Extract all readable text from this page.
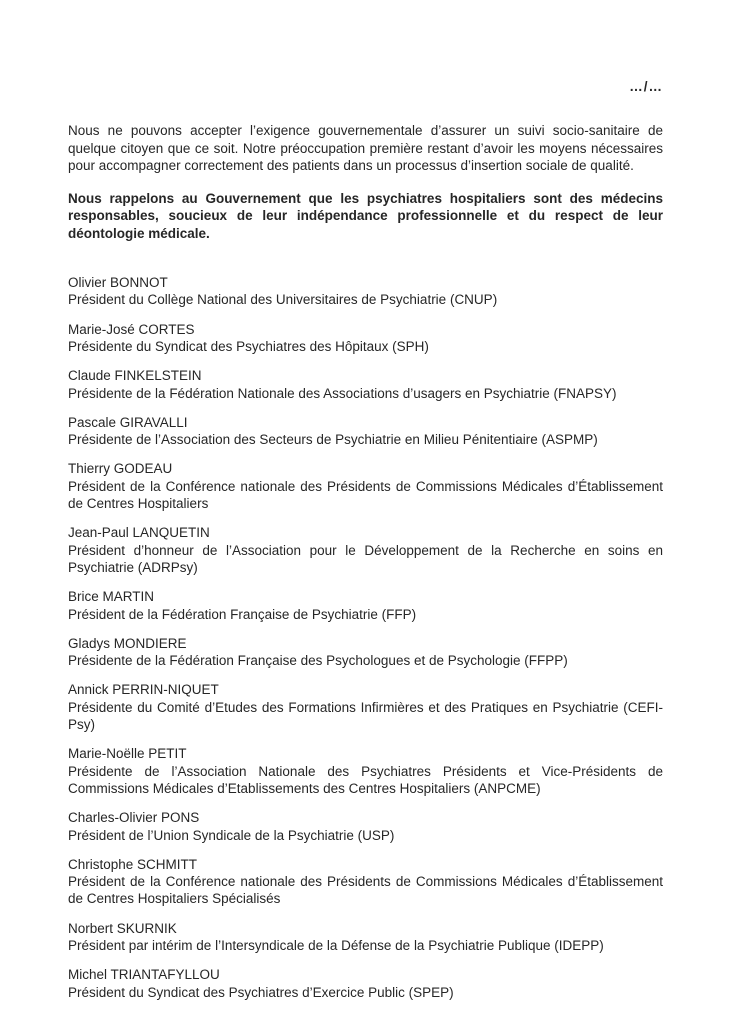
…/…

Nous ne pouvons accepter l’exigence gouvernementale d’assurer un suivi socio-sanitaire de quelque citoyen que ce soit. Notre préoccupation première restant d’avoir les moyens nécessaires pour accompagner correctement des patients dans un processus d’insertion sociale de qualité.

Nous rappelons au Gouvernement que les psychiatres hospitaliers sont des médecins responsables, soucieux de leur indépendance professionnelle et du respect de leur déontologie médicale.

Olivier BONNOT
Président du Collège National des Universitaires de Psychiatrie (CNUP)
Marie-José CORTES
Présidente du Syndicat des Psychiatres des Hôpitaux (SPH)
Claude FINKELSTEIN
Présidente de la Fédération Nationale des Associations d’usagers en Psychiatrie (FNAPSY)
Pascale GIRAVALLI
Présidente de l’Association des Secteurs de Psychiatrie en Milieu Pénitentiaire (ASPMP)
Thierry GODEAU
Président de la Conférence nationale des Présidents de Commissions Médicales d’Établissement de Centres Hospitaliers
Jean-Paul LANQUETIN
Président d’honneur de l’Association pour le Développement de la Recherche en soins en Psychiatrie (ADRPsy)
Brice MARTIN
Président de la Fédération Française de Psychiatrie (FFP)
Gladys MONDIERE
Présidente de la Fédération Française des Psychologues et de Psychologie (FFPP)
Annick PERRIN-NIQUET
Présidente du Comité d’Etudes des Formations Infirmières et des Pratiques en Psychiatrie (CEFI-Psy)
Marie-Noëlle PETIT
Présidente de l’Association Nationale des Psychiatres Présidents et Vice-Présidents de Commissions Médicales d’Etablissements des Centres Hospitaliers (ANPCME)
Charles-Olivier PONS
Président de l’Union Syndicale de la Psychiatrie (USP)
Christophe SCHMITT
Président de la Conférence nationale des Présidents de Commissions Médicales d’Établissement de Centres Hospitaliers Spécialisés
Norbert SKURNIK
Président par intérim de l’Intersyndicale de la Défense de la Psychiatrie Publique (IDEPP)
Michel TRIANTAFYLLOU
Président du Syndicat des Psychiatres d’Exercice Public (SPEP)
